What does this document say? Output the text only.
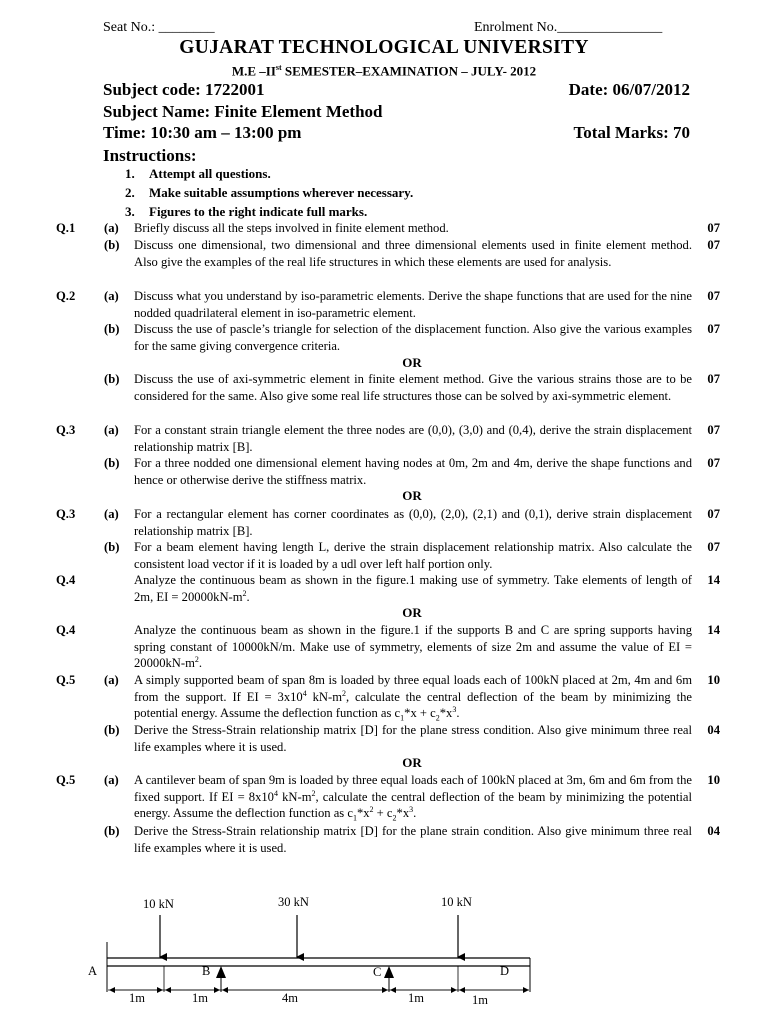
Seat No.: ________	Enrolment No._______________
GUJARAT TECHNOLOGICAL UNIVERSITY
M.E –IIst SEMESTER–EXAMINATION – JULY- 2012
Subject code: 1722001	Date: 06/07/2012
Subject Name: Finite Element Method
Time: 10:30 am – 13:00 pm	Total Marks: 70
Instructions:
1. Attempt all questions.
2. Make suitable assumptions wherever necessary.
3. Figures to the right indicate full marks.
Q.1 (a) Briefly discuss all the steps involved in finite element method.	07
(b) Discuss one dimensional, two dimensional and three dimensional elements used in finite element method. Also give the examples of the real life structures in which these elements are used for analysis.
07
Q.2 (a) Discuss what you understand by iso-parametric elements. Derive the shape functions that are used for the nine nodded quadrilateral element in iso-parametric element.
07
(b) Discuss the use of pascle’s triangle for selection of the displacement function. Also give the various examples for the same giving convergence criteria.
07
OR
(b) Discuss the use of axi-symmetric element in finite element method. Give the various strains those are to be considered for the same. Also give some real life structures those can be solved by axi-symmetric element.
07
Q.3 (a) For a constant strain triangle element the three nodes are (0,0), (3,0) and (0,4), derive the strain displacement relationship matrix [B].
07
(b) For a three nodded one dimensional element having nodes at 0m, 2m and 4m, derive the shape functions and hence or otherwise derive the stiffness matrix.
07
OR
Q.3 (a) For a rectangular element has corner coordinates as (0,0), (2,0), (2,1) and (0,1), derive strain displacement relationship matrix [B].
07
(b) For a beam element having length L, derive the strain displacement relationship matrix. Also calculate the consistent load vector if it is loaded by a udl over left half portion only.
07
Q.4	Analyze the continuous beam as shown in the figure.1 making use of symmetry. Take elements of length of 2m, EI = $20000kN-m^2$.
14
OR
Q.4	Analyze the continuous beam as shown in the figure.1 if the supports B and C are spring supports having spring constant of 10000kN/m. Make use of symmetry, elements of size 2m and assume the value of EI = $20000kN-m^2$.
14
Q.5 (a) A simply supported beam of span 8m is loaded by three equal loads each of 100kN placed at 2m, 4m and 6m from the support. If EI = $3x10^4$ $kN-m^2$, calculate the central deflection of the beam by minimizing the potential energy. Assume the deflection function as $c_1*x + c_2*x^3$.
10
(b) Derive the Stress-Strain relationship matrix [D] for the plane stress condition. Also give minimum three real life examples where it is used.
04
OR
Q.5 (a) A cantilever beam of span 9m is loaded by three equal loads each of 100kN placed at 3m, 6m and 6m from the fixed support. If EI = $8x10^4$ $kN-m^2$, calculate the central deflection of the beam by minimizing the potential energy. Assume the deflection function as $c_1*x^2 + c_2*x^3$.
10
(b) Derive the Stress-Strain relationship matrix [D] for the plane strain condition. Also give minimum three real life examples where it is used.
04
10 kN	30 kN	10 kN
A	B	C	D
1m	1m	4m	1m	1m
